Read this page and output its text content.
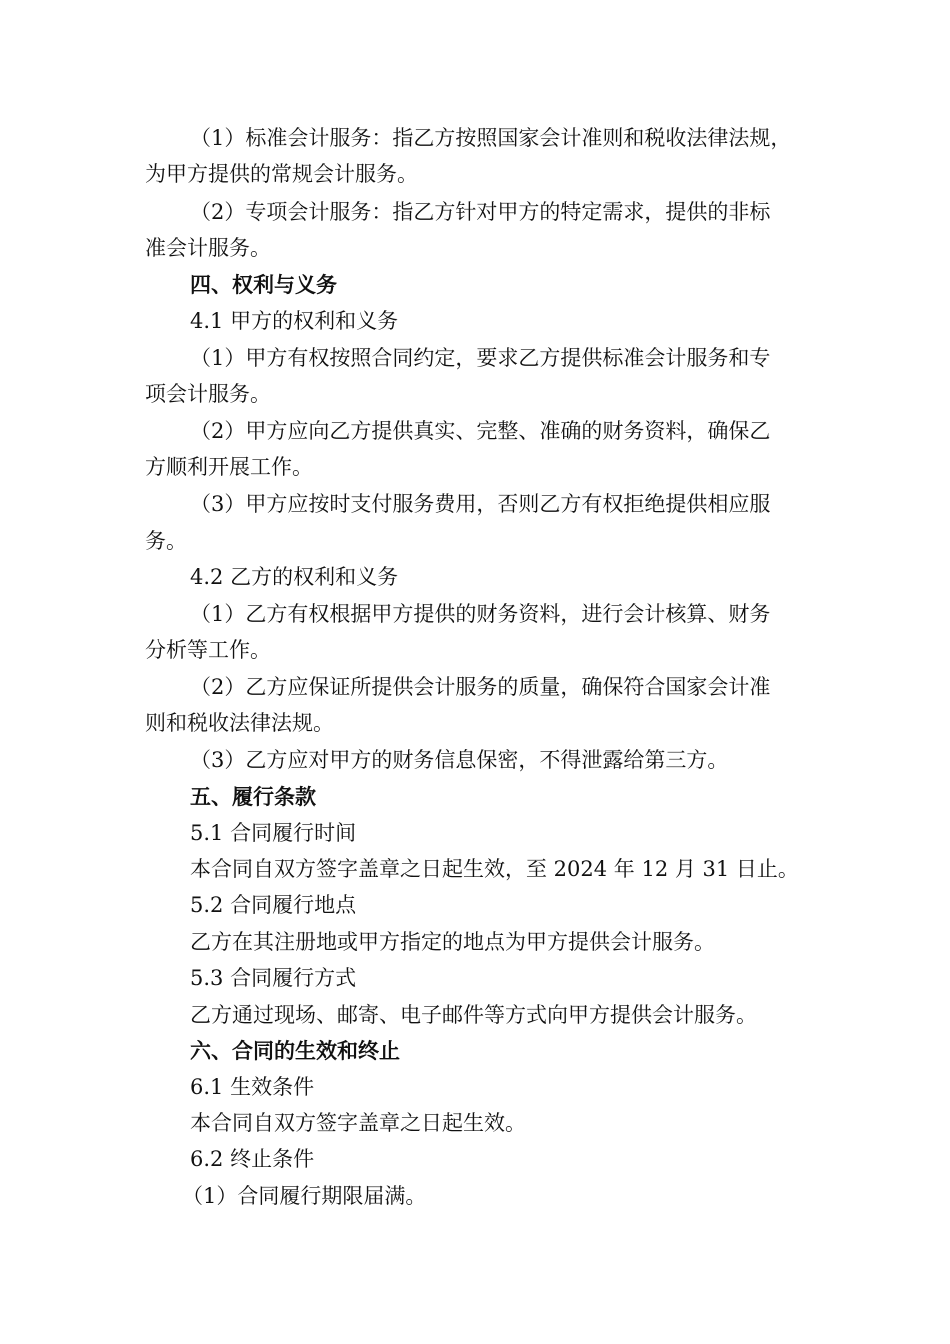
（1）标准会计服务：指乙方按照国家会计准则和税收法律法规，
为甲方提供的常规会计服务。
（2）专项会计服务：指乙方针对甲方的特定需求，提供的非标
准会计服务。
四、权利与义务
4.1 甲方的权利和义务
（1）甲方有权按照合同约定，要求乙方提供标准会计服务和专
项会计服务。
（2）甲方应向乙方提供真实、完整、准确的财务资料，确保乙
方顺利开展工作。
（3）甲方应按时支付服务费用，否则乙方有权拒绝提供相应服
务。
4.2 乙方的权利和义务
（1）乙方有权根据甲方提供的财务资料，进行会计核算、财务
分析等工作。
（2）乙方应保证所提供会计服务的质量，确保符合国家会计准
则和税收法律法规。
（3）乙方应对甲方的财务信息保密，不得泄露给第三方。
五、履行条款
5.1 合同履行时间
本合同自双方签字盖章之日起生效，至 2024 年 12 月 31 日止。
5.2 合同履行地点
乙方在其注册地或甲方指定的地点为甲方提供会计服务。
5.3 合同履行方式
乙方通过现场、邮寄、电子邮件等方式向甲方提供会计服务。
六、合同的生效和终止
6.1 生效条件
本合同自双方签字盖章之日起生效。
6.2 终止条件
（1）合同履行期限届满。
